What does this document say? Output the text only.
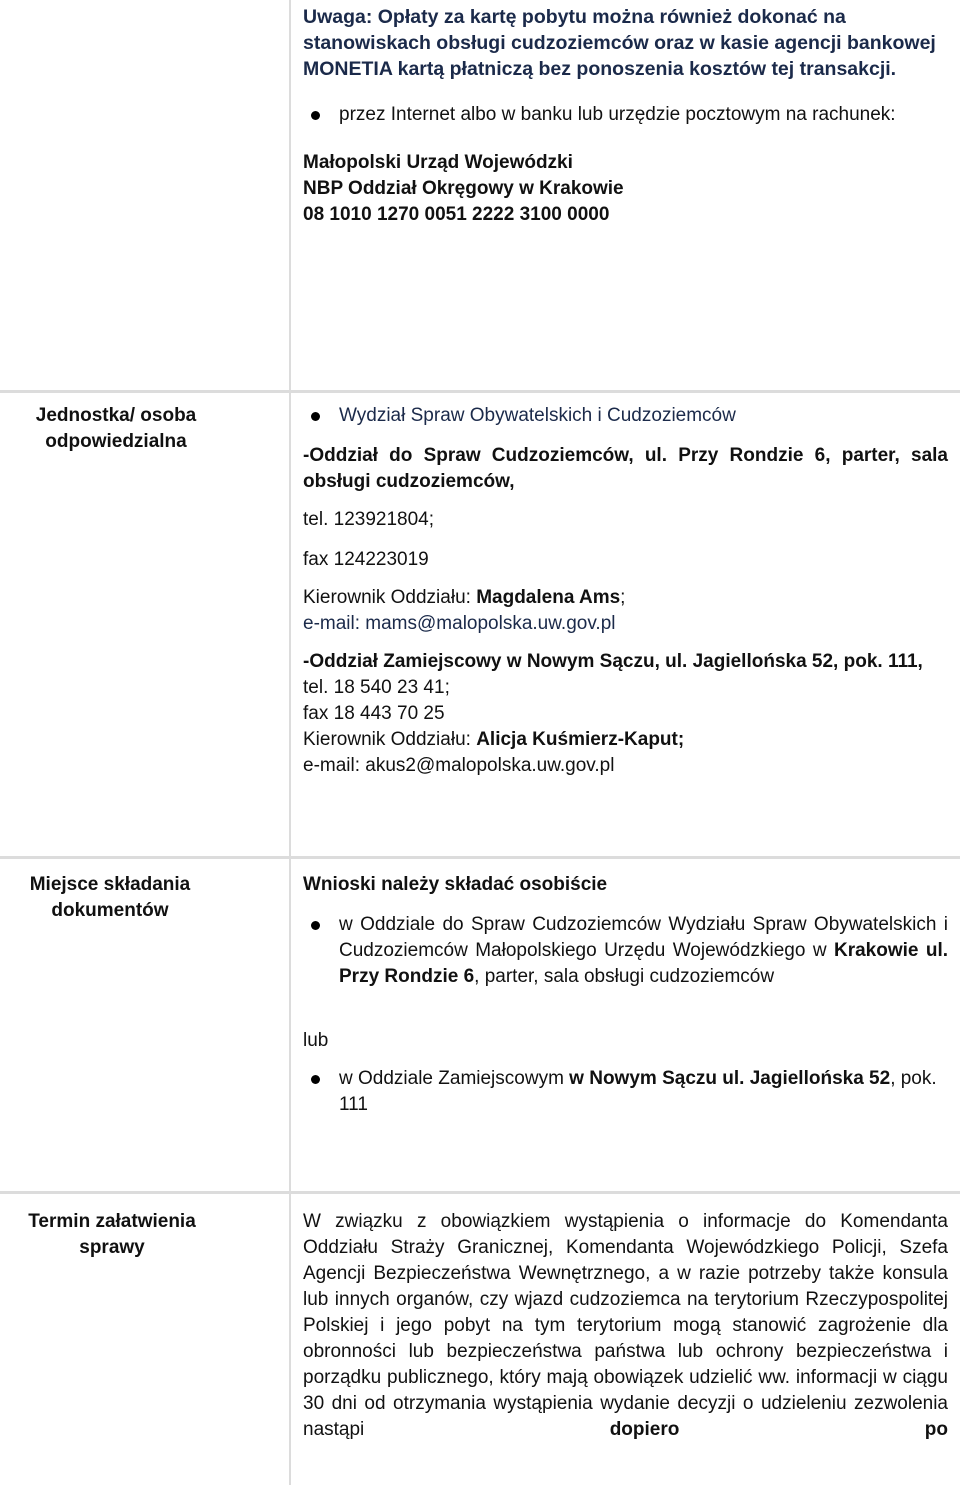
Uwaga: Opłaty za kartę pobytu można również dokonać na stanowiskach obsługi cudzoziemców oraz w kasie agencji bankowej MONETIA kartą płatniczą bez ponoszenia kosztów tej transakcji.

przez Internet albo w banku lub urzędzie pocztowym na rachunek:
Małopolski Urząd Wojewódzki
NBP Oddział Okręgowy w Krakowie
08 1010 1270 0051 2222 3100 0000
Jednostka/ osoba odpowiedzialna
Wydział Spraw Obywatelskich i Cudzoziemców

-Oddział do Spraw Cudzoziemców, ul. Przy Rondzie 6, parter, sala obsługi cudzoziemców,

tel. 123921804;

fax 124223019

Kierownik Oddziału: Magdalena Ams;

e-mail: mams@malopolska.uw.gov.pl

-Oddział Zamiejscowy w Nowym Sączu, ul. Jagiellońska 52, pok. 111,

tel. 18 540 23 41;

fax 18 443 70 25

Kierownik Oddziału: Alicja Kuśmierz-Kaput;

e-mail: akus2@malopolska.uw.gov.pl

Miejsce składania dokumentów

Wnioski należy składać osobiście

w Oddziale do Spraw Cudzoziemców Wydziału Spraw Obywatelskich i Cudzoziemców Małopolskiego Urzędu Wojewódzkiego w Krakowie ul. Przy Rondzie 6, parter, sala obsługi cudzoziemców

lub

w Oddziale Zamiejscowym w Nowym Sączu ul. Jagiellońska 52, pok. 111
Termin załatwienia sprawy
W związku z obowiązkiem wystąpienia o informacje do Komendanta Oddziału Straży Granicznej, Komendanta Wojewódzkiego Policji, Szefa Agencji Bezpieczeństwa Wewnętrznego, a w razie potrzeby także konsula lub innych organów, czy wjazd cudzoziemca na terytorium Rzeczypospolitej Polskiej i jego pobyt na tym terytorium mogą stanowić zagrożenie dla obronności lub bezpieczeństwa państwa lub ochrony bezpieczeństwa i porządku publicznego, który mają obowiązek udzielić ww. informacji w ciągu 30 dni od otrzymania wystąpienia wydanie decyzji o udzieleniu zezwolenia nastąpi dopiero po
